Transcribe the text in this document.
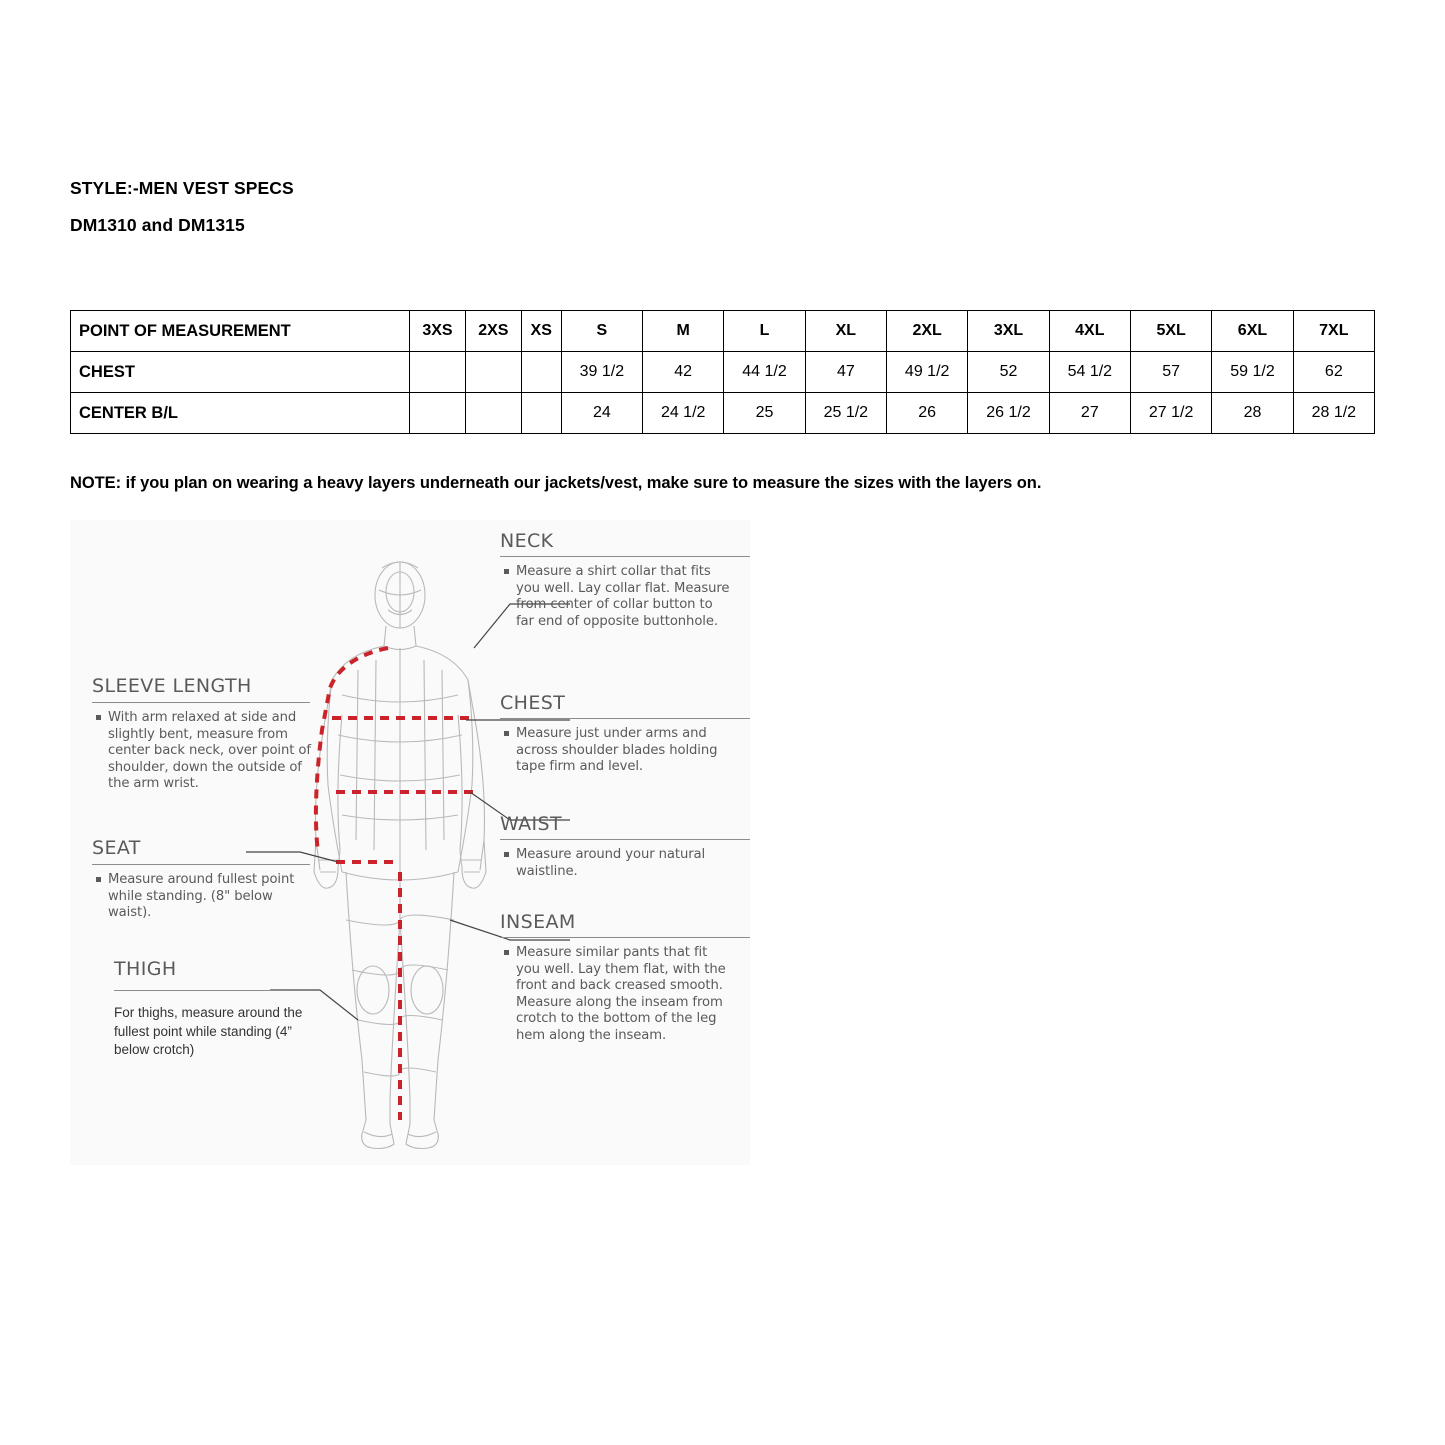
STYLE:-MEN VEST SPECS
DM1310 and DM1315
POINT OF MEASUREMENT	3XS	2XS	XS	S	M	L	XL	2XL	3XL	4XL	5XL	6XL	7XL
CHEST				39 1/2	42	44 1/2	47	49 1/2	52	54 1/2	57	59 1/2	62
CENTER B/L				24	24 1/2	25	25 1/2	26	26 1/2	27	27 1/2	28	28 1/2
NOTE: if you plan on wearing a heavy layers underneath our jackets/vest, make sure to measure the sizes with the layers on.
NECK
Measure a shirt collar that fits you well. Lay collar flat. Measure from center of collar button to far end of opposite buttonhole.
CHEST
Measure just under arms and across shoulder blades holding tape firm and level.
WAIST
Measure around your natural waistline.
INSEAM
Measure similar pants that fit you well. Lay them flat, with the front and back creased smooth. Measure along the inseam from crotch to the bottom of the leg hem along the inseam.
SLEEVE LENGTH
With arm relaxed at side and slightly bent, measure from center back neck, over point of shoulder, down the outside of the arm wrist.
SEAT
Measure around fullest point while standing. (8" below waist).
THIGH
For thighs, measure around the fullest point while standing (4” below crotch)
